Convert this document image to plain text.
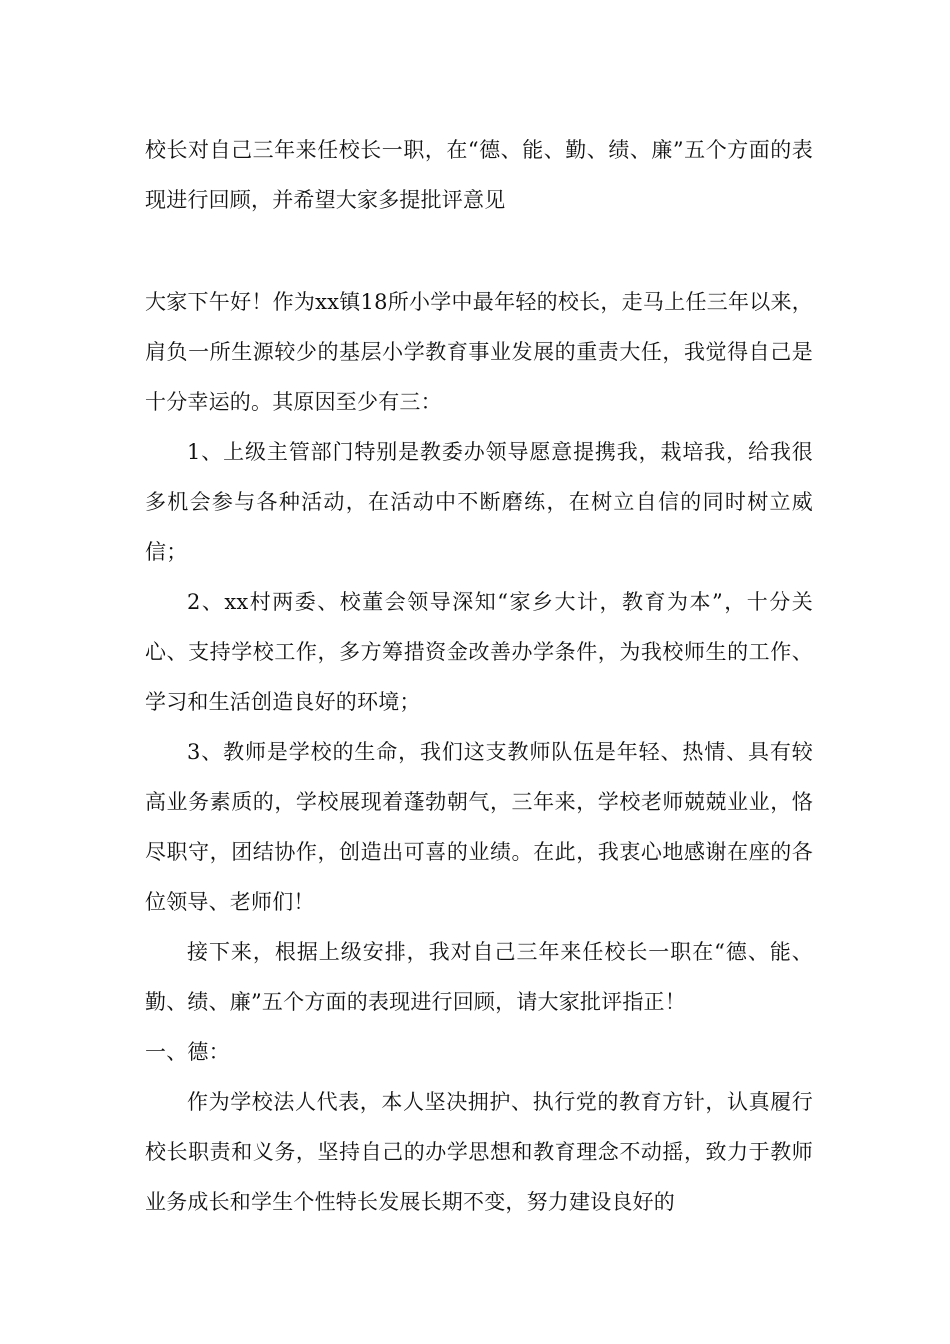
校长对自己三年来任校长一职，在“德、能、勤、绩、廉”五个方面的表现进行回顾，并希望大家多提批评意见

大家下午好！作为xx镇18所小学中最年轻的校长，走马上任三年以来，肩负一所生源较少的基层小学教育事业发展的重责大任，我觉得自己是十分幸运的。其原因至少有三：

1、上级主管部门特别是教委办领导愿意提携我，栽培我，给我很多机会参与各种活动，在活动中不断磨练，在树立自信的同时树立威信；

2、xx村两委、校董会领导深知“家乡大计，教育为本”，十分关心、支持学校工作，多方筹措资金改善办学条件，为我校师生的工作、学习和生活创造良好的环境；

3、教师是学校的生命，我们这支教师队伍是年轻、热情、具有较高业务素质的，学校展现着蓬勃朝气，三年来，学校老师兢兢业业，恪尽职守，团结协作，创造出可喜的业绩。在此，我衷心地感谢在座的各位领导、老师们！

接下来，根据上级安排，我对自己三年来任校长一职在“德、能、勤、绩、廉”五个方面的表现进行回顾，请大家批评指正！

一、德：

作为学校法人代表，本人坚决拥护、执行党的教育方针，认真履行校长职责和义务，坚持自己的办学思想和教育理念不动摇，致力于教师业务成长和学生个性特长发展长期不变，努力建设良好的
